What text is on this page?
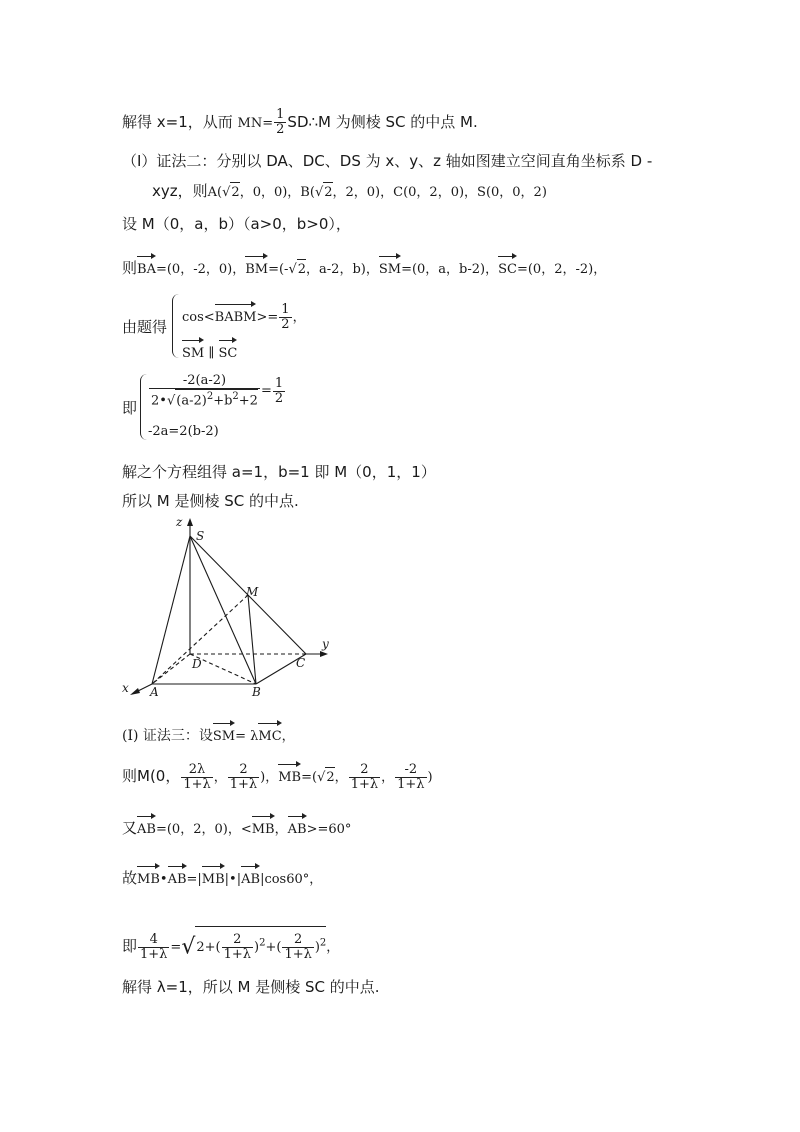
解得 x=1，从而 $MN= \frac{1}{2}$ SD∴M 为侧棱 SC 的中点 M.
（Ⅰ）证法二：分别以 DA、DC、DS 为 x、y、z 轴如图建立空间直角坐标系 D -
xyz，则A(√2，0，0)，B(√2，2，0)，C(0，2，0)，S(0，0，2)
设 M（0，a，b）（a>0，b>0），
则BA=(0，-2，0)，BM=(-√2，a-2，b)，SM=(0，a，b-2)，SC=(0，2，-2)，
由题得
cos<BABM>= $\frac{1}{2}$ ，
SM ∥ SC
即 $\frac{-2(a-2)}{2•√(a-2)^2+b^2+2} = \frac{1}{2}$
-2a=2(b-2)
解之个方程组得 a=1，b=1 即 M（0，1，1）
所以 M 是侧棱 SC 的中点.
z
S
M
D	C
y
x A	B
(Ⅰ) 证法三：设SM= λMC，
则M(0， $\frac{2\lambda}{1+\lambda}$ ， $\frac{2}{1+\lambda}$ )，MB=(√2， $\frac{2}{1+\lambda}$ ， $\frac{-2}{1+\lambda}$ )
又AB=(0，2，0)，<MB，AB>=60°
故MB•AB=|MB|•|AB|cos60°，
即 $\frac{4}{1+\lambda} =√2+( \frac{2}{1+\lambda} )^2+( \frac{2}{1+\lambda} )^2$，
解得 λ=1，所以 M 是侧棱 SC 的中点.
